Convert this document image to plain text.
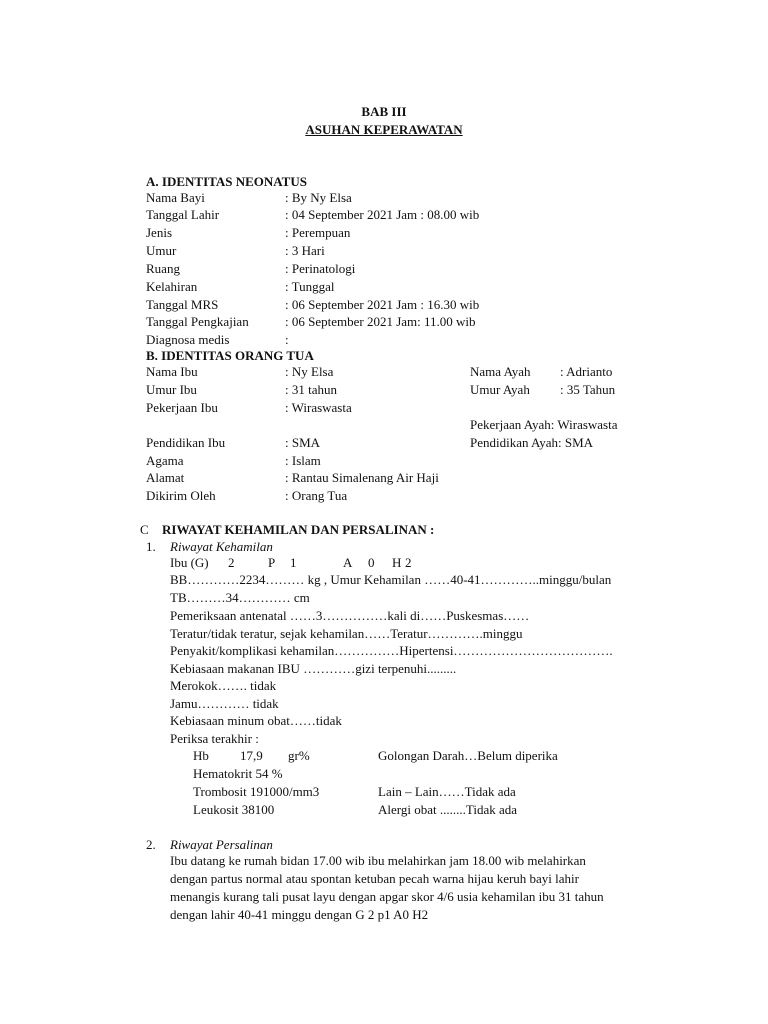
BAB III
ASUHAN KEPERAWATAN
A. IDENTITAS NEONATUS
Nama Bayi	: By Ny Elsa
Tanggal Lahir	: 04 September 2021 Jam : 08.00 wib
Jenis	: Perempuan
Umur	: 3 Hari
Ruang	: Perinatologi
Kelahiran	: Tunggal
Tanggal MRS	: 06 September 2021 Jam : 16.30 wib
Tanggal Pengkajian	: 06 September 2021 Jam: 11.00 wib
Diagnosa medis	:
B. IDENTITAS ORANG TUA
Nama Ibu	: Ny Elsa
Umur Ibu	: 31 tahun
Pekerjaan Ibu	: Wiraswasta
Pendidikan Ibu	: SMA
Agama	: Islam
Alamat	: Rantau Simalenang Air Haji
Dikirim Oleh	: Orang Tua
Nama Ayah : Adrianto
Umur Ayah : 35 Tahun
Pekerjaan Ayah: Wiraswasta
Pendidikan Ayah: SMA
C RIWAYAT KEHAMILAN DAN PERSALINAN :
1. Riwayat Kehamilan
Ibu (G) 2	P 1	A 0 H 2
BB…………2234……… kg , Umur Kehamilan ……40-41…………..minggu/bulan
TB………34………… cm
Pemeriksaan antenatal ……3……………kali di……Puskesmas……
Teratur/tidak teratur, sejak kehamilan……Teratur………….minggu
Penyakit/komplikasi kehamilan……………Hipertensi……………………………….
Kebiasaan makanan IBU …………gizi terpenuhi.........
Merokok……. tidak
Jamu………… tidak
Kebiasaan minum obat……tidak
Periksa terakhir :
Hb 17,9 gr%	Golongan Darah…Belum diperika
Hematokrit 54 %
Trombosit 191000/mm3	Lain – Lain……Tidak ada
Leukosit 38100	Alergi obat ........Tidak ada
2. Riwayat Persalinan
Ibu datang ke rumah bidan 17.00 wib ibu melahirkan jam 18.00 wib melahirkan
dengan partus normal atau spontan ketuban pecah warna hijau keruh bayi lahir
menangis kurang tali pusat layu dengan apgar skor 4/6 usia kehamilan ibu 31 tahun
dengan lahir 40-41 minggu dengan G 2 p1 A0 H2
